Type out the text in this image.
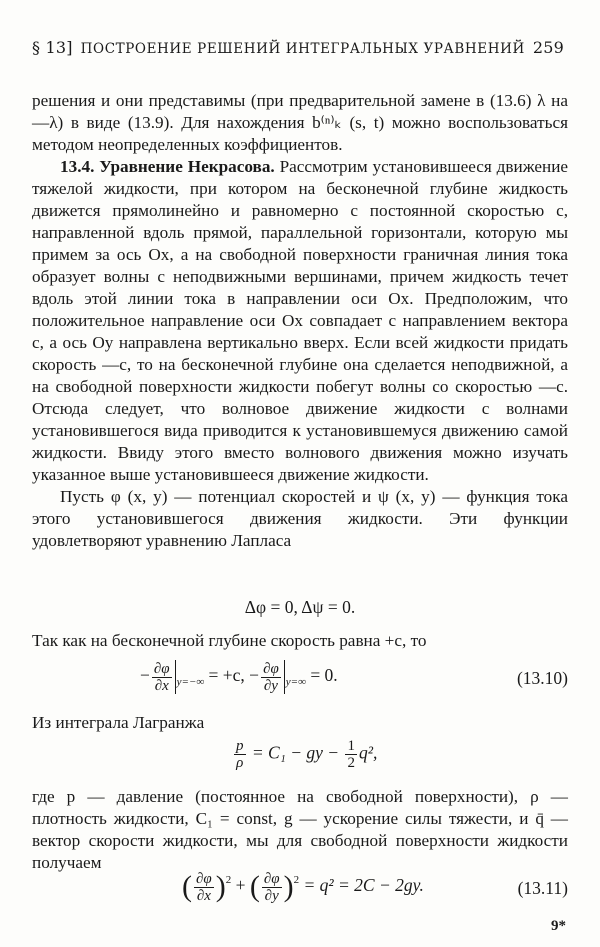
§ 13] ПОСТРОЕНИЕ РЕШЕНИЙ ИНТЕГРАЛЬНЫХ УРАВНЕНИЙ 259

решения и они представимы (при предварительной замене в (13.6) λ на —λ) в виде (13.9). Для нахождения b⁽ⁿ⁾ₖ (s, t) можно воспользоваться методом неопределенных коэффициентов.

13.4. Уравнение Некрасова. Рассмотрим установившееся движение тяжелой жидкости, при котором на бесконечной глубине жидкость движется прямолинейно и равномерно с постоянной скоростью c, направленной вдоль прямой, параллельной горизонтали, которую мы примем за ось Ox, а на свободной поверхности граничная линия тока образует волны с неподвижными вершинами, причем жидкость течет вдоль этой линии тока в направлении оси Ox. Предположим, что положительное направление оси Ox совпадает с направлением вектора c, а ось Oy направлена вертикально вверх. Если всей жидкости придать скорость —c, то на бесконечной глубине она сделается неподвижной, а на свободной поверхности жидкости побегут волны со скоростью —c. Отсюда следует, что волновое движение жидкости с волнами установившегося вида приводится к установившемуся движению самой жидкости. Ввиду этого вместо волнового движения можно изучать указанное выше установившееся движение жидкости.

Пусть φ (x, y) — потенциал скоростей и ψ (x, y) — функция тока этого установившегося движения жидкости. Эти функции удовлетворяют уравнению Лапласа

Δφ = 0, Δψ = 0.

Так как на бесконечной глубине скорость равна +c, то

− $\frac{\partial\varphi}{\partial x} _{y=-\infty} = +c$, − $\frac{\partial\varphi}{\partial y} _{y=\infty} = 0$.	(13.10)

Из интеграла Лагранжа

$\frac{p}{\rho} = C_1$ − gy − $\frac{1}{2} q^2$,

где p — давление (постоянное на свободной поверхности), ρ — плотность жидкости, C₁ = const, g — ускорение силы тяжести, и q̄ — вектор скорости жидкости, мы для свободной поверхности жидкости получаем

( $\frac{\partial\varphi}{\partial x} )^2$ + ( $\frac{\partial\varphi}{\partial y} )^2 = q^2 = 2C - 2gy$.	(13.11)
9*
